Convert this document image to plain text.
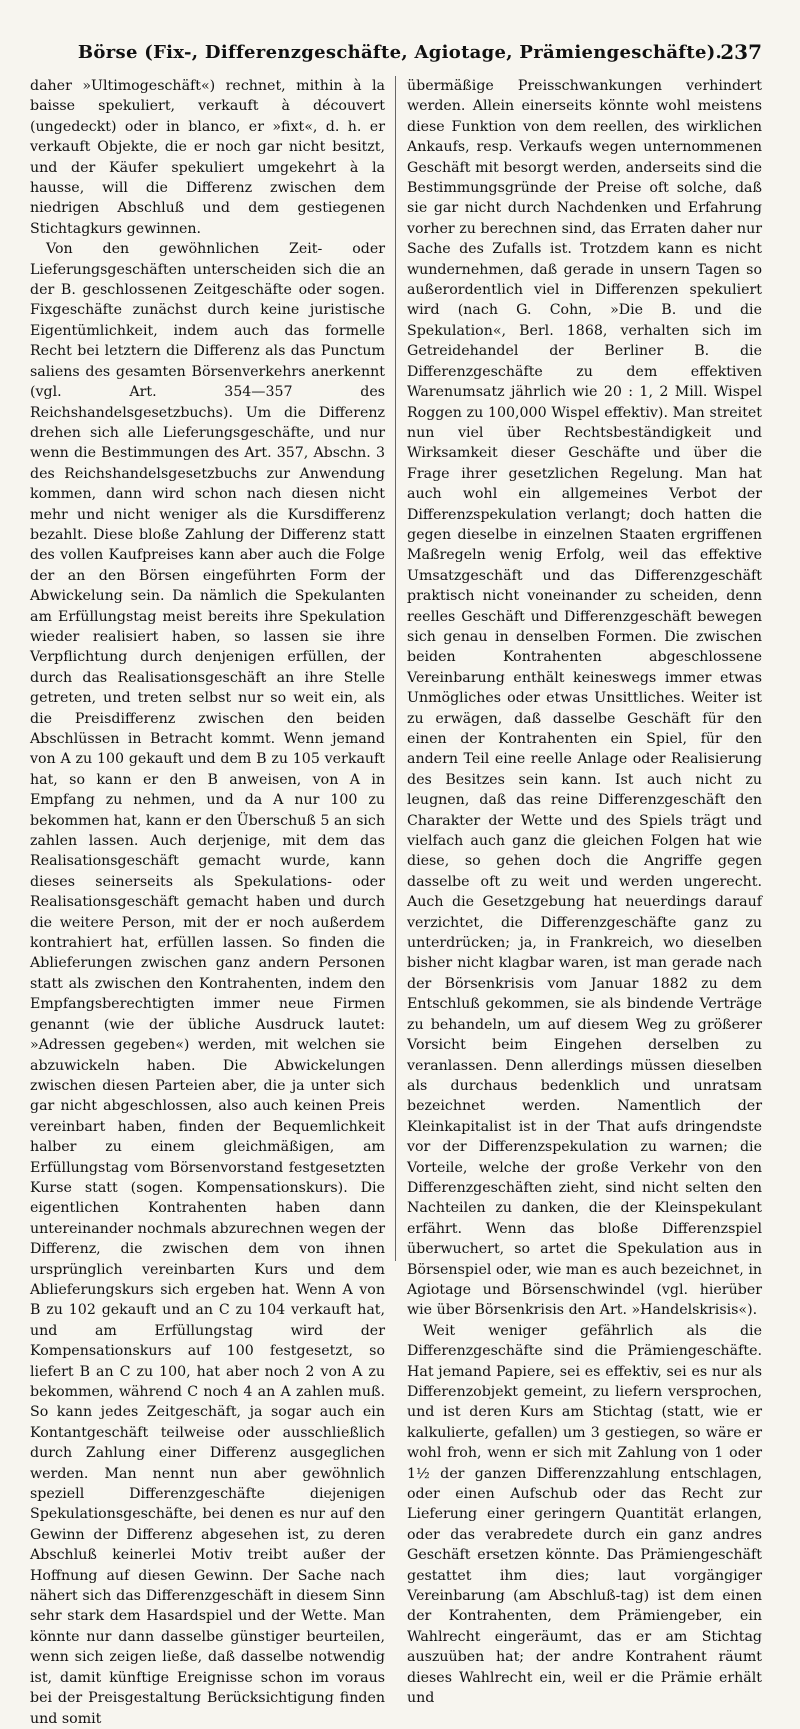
Börse (Fix-, Differenzgeschäfte, Agiotage, Prämiengeschäfte).
237

daher »Ultimogeschäft«) rechnet, mithin à la baisse spekuliert, verkauft à découvert (ungedeckt) oder in blanco, er »fixt«, d. h. er verkauft Objekte, die er noch gar nicht besitzt, und der Käufer spekuliert umgekehrt à la hausse, will die Differenz zwischen dem niedrigen Abschluß und dem gestiegenen Stichtagkurs gewinnen.

Von den gewöhnlichen Zeit- oder Lieferungsgeschäften unterscheiden sich die an der B. geschlossenen Zeitgeschäfte oder sogen. Fixgeschäfte zunächst durch keine juristische Eigentümlichkeit, indem auch das formelle Recht bei letztern die Differenz als das Punctum saliens des gesamten Börsenverkehrs anerkennt (vgl. Art. 354—357 des Reichshandelsgesetzbuchs). Um die Differenz drehen sich alle Lieferungsgeschäfte, und nur wenn die Bestimmungen des Art. 357, Abschn. 3 des Reichshandelsgesetzbuchs zur Anwendung kommen, dann wird schon nach diesen nicht mehr und nicht weniger als die Kursdifferenz bezahlt. Diese bloße Zahlung der Differenz statt des vollen Kaufpreises kann aber auch die Folge der an den Börsen eingeführten Form der Abwickelung sein. Da nämlich die Spekulanten am Erfüllungstag meist bereits ihre Spekulation wieder realisiert haben, so lassen sie ihre Verpflichtung durch denjenigen erfüllen, der durch das Realisationsgeschäft an ihre Stelle getreten, und treten selbst nur so weit ein, als die Preisdifferenz zwischen den beiden Abschlüssen in Betracht kommt. Wenn jemand von A zu 100 gekauft und dem B zu 105 verkauft hat, so kann er den B anweisen, von A in Empfang zu nehmen, und da A nur 100 zu bekommen hat, kann er den Überschuß 5 an sich zahlen lassen. Auch derjenige, mit dem das Realisationsgeschäft gemacht wurde, kann dieses seinerseits als Spekulations- oder Realisationsgeschäft gemacht haben und durch die weitere Person, mit der er noch außerdem kontrahiert hat, erfüllen lassen. So finden die Ablieferungen zwischen ganz andern Personen statt als zwischen den Kontrahenten, indem den Empfangsberechtigten immer neue Firmen genannt (wie der übliche Ausdruck lautet: »Adressen gegeben«) werden, mit welchen sie abzuwickeln haben. Die Abwickelungen zwischen diesen Parteien aber, die ja unter sich gar nicht abgeschlossen, also auch keinen Preis vereinbart haben, finden der Bequemlichkeit halber zu einem gleichmäßigen, am Erfüllungstag vom Börsenvorstand festgesetzten Kurse statt (sogen. Kompensationskurs). Die eigentlichen Kontrahenten haben dann untereinander nochmals abzurechnen wegen der Differenz, die zwischen dem von ihnen ursprünglich vereinbarten Kurs und dem Ablieferungskurs sich ergeben hat. Wenn A von B zu 102 gekauft und an C zu 104 verkauft hat, und am Erfüllungstag wird der Kompensationskurs auf 100 festgesetzt, so liefert B an C zu 100, hat aber noch 2 von A zu bekommen, während C noch 4 an A zahlen muß. So kann jedes Zeitgeschäft, ja sogar auch ein Kontantgeschäft teilweise oder ausschließlich durch Zahlung einer Differenz ausgeglichen werden. Man nennt nun aber gewöhnlich speziell Differenzgeschäfte diejenigen Spekulationsgeschäfte, bei denen es nur auf den Gewinn der Differenz abgesehen ist, zu deren Abschluß keinerlei Motiv treibt außer der Hoffnung auf diesen Gewinn. Der Sache nach nähert sich das Differenzgeschäft in diesem Sinn sehr stark dem Hasardspiel und der Wette. Man könnte nur dann dasselbe günstiger beurteilen, wenn sich zeigen ließe, daß dasselbe notwendig ist, damit künftige Ereignisse schon im voraus bei der Preisgestaltung Berücksichtigung finden und somit

übermäßige Preisschwankungen verhindert werden. Allein einerseits könnte wohl meistens diese Funktion von dem reellen, des wirklichen Ankaufs, resp. Verkaufs wegen unternommenen Geschäft mit besorgt werden, anderseits sind die Bestimmungsgründe der Preise oft solche, daß sie gar nicht durch Nachdenken und Erfahrung vorher zu berechnen sind, das Erraten daher nur Sache des Zufalls ist. Trotzdem kann es nicht wundernehmen, daß gerade in unsern Tagen so außerordentlich viel in Differenzen spekuliert wird (nach G. Cohn, »Die B. und die Spekulation«, Berl. 1868, verhalten sich im Getreidehandel der Berliner B. die Differenzgeschäfte zu dem effektiven Warenumsatz jährlich wie 20 : 1, 2 Mill. Wispel Roggen zu 100,000 Wispel effektiv). Man streitet nun viel über Rechtsbeständigkeit und Wirksamkeit dieser Geschäfte und über die Frage ihrer gesetzlichen Regelung. Man hat auch wohl ein allgemeines Verbot der Differenzspekulation verlangt; doch hatten die gegen dieselbe in einzelnen Staaten ergriffenen Maßregeln wenig Erfolg, weil das effektive Umsatzgeschäft und das Differenzgeschäft praktisch nicht voneinander zu scheiden, denn reelles Geschäft und Differenzgeschäft bewegen sich genau in denselben Formen. Die zwischen beiden Kontrahenten abgeschlossene Vereinbarung enthält keineswegs immer etwas Unmögliches oder etwas Unsittliches. Weiter ist zu erwägen, daß dasselbe Geschäft für den einen der Kontrahenten ein Spiel, für den andern Teil eine reelle Anlage oder Realisierung des Besitzes sein kann. Ist auch nicht zu leugnen, daß das reine Differenzgeschäft den Charakter der Wette und des Spiels trägt und vielfach auch ganz die gleichen Folgen hat wie diese, so gehen doch die Angriffe gegen dasselbe oft zu weit und werden ungerecht. Auch die Gesetzgebung hat neuerdings darauf verzichtet, die Differenzgeschäfte ganz zu unterdrücken; ja, in Frankreich, wo dieselben bisher nicht klagbar waren, ist man gerade nach der Börsenkrisis vom Januar 1882 zu dem Entschluß gekommen, sie als bindende Verträge zu behandeln, um auf diesem Weg zu größerer Vorsicht beim Eingehen derselben zu veranlassen. Denn allerdings müssen dieselben als durchaus bedenklich und unratsam bezeichnet werden. Namentlich der Kleinkapitalist ist in der That aufs dringendste vor der Differenzspekulation zu warnen; die Vorteile, welche der große Verkehr von den Differenzgeschäften zieht, sind nicht selten den Nachteilen zu danken, die der Kleinspekulant erfährt. Wenn das bloße Differenzspiel überwuchert, so artet die Spekulation aus in Börsenspiel oder, wie man es auch bezeichnet, in Agiotage und Börsenschwindel (vgl. hierüber wie über Börsenkrisis den Art. »Handelskrisis«).

Weit weniger gefährlich als die Differenzgeschäfte sind die Prämiengeschäfte. Hat jemand Papiere, sei es effektiv, sei es nur als Differenzobjekt gemeint, zu liefern versprochen, und ist deren Kurs am Stichtag (statt, wie er kalkulierte, gefallen) um 3 gestiegen, so wäre er wohl froh, wenn er sich mit Zahlung von 1 oder 1½ der ganzen Differenzzahlung entschlagen, oder einen Aufschub oder das Recht zur Lieferung einer geringern Quantität erlangen, oder das verabredete durch ein ganz andres Geschäft ersetzen könnte. Das Prämiengeschäft gestattet ihm dies; laut vorgängiger Vereinbarung (am Abschluß-tag) ist dem einen der Kontrahenten, dem Prämiengeber, ein Wahlrecht eingeräumt, das er am Stichtag auszuüben hat; der andre Kontrahent räumt dieses Wahlrecht ein, weil er die Prämie erhält und
